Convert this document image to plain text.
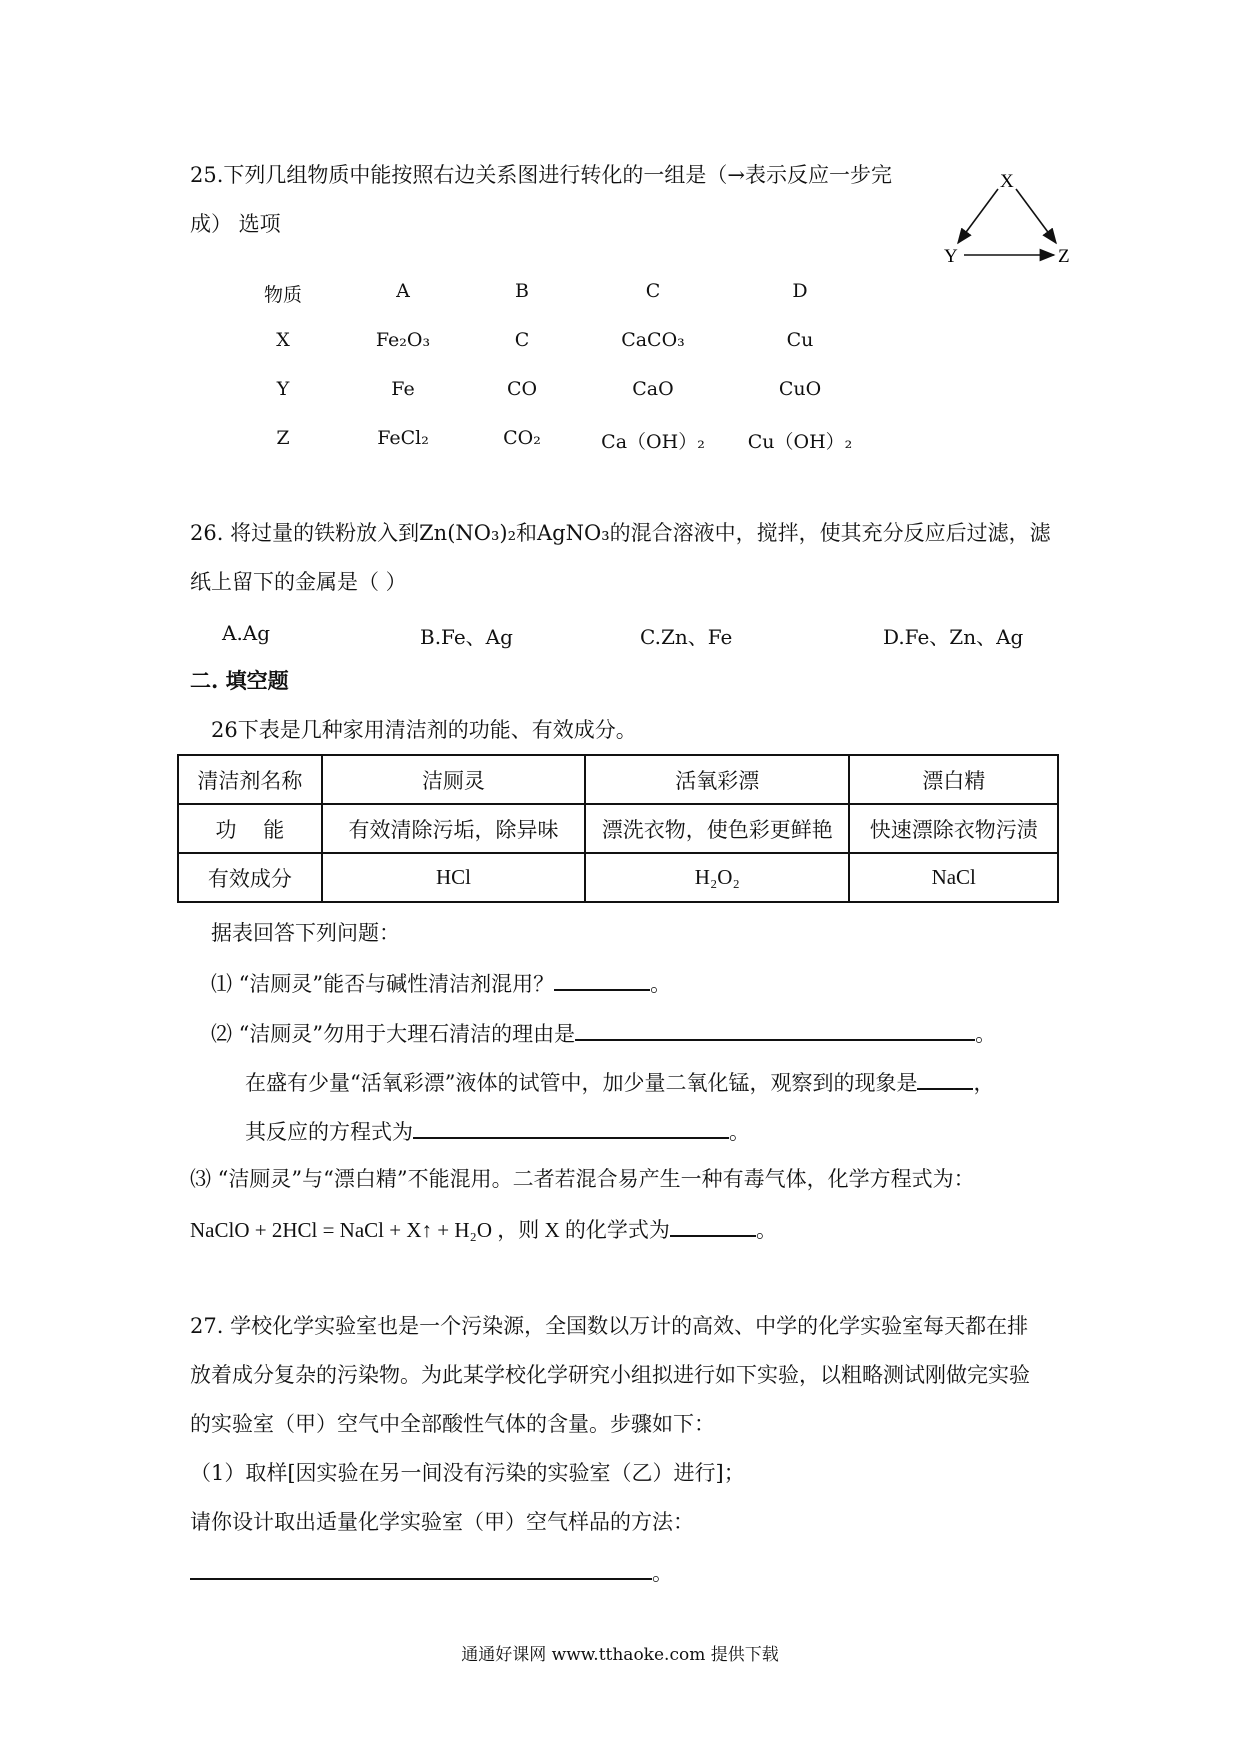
25.下列几组物质中能按照右边关系图进行转化的一组是（→表示反应一步完
成） 选项
X
Y	Z
物质	A	B	C	D
X	Fe₂O₃	C	CaCO₃	Cu
Y	Fe	CO	CaO	CuO
Z	FeCl₂	CO₂	Ca（OH）₂ Cu（OH）₂
26. 将过量的铁粉放入到Zn(NO₃)₂和AgNO₃的混合溶液中，搅拌，使其充分反应后过滤，滤
纸上留下的金属是（ ）
A.Ag	B.Fe、Ag	C.Zn、Fe	D.Fe、Zn、Ag
二. 填空题
26下表是几种家用清洁剂的功能、有效成分。
清洁剂名称	洁厕灵	活氧彩漂	漂白精
功    能	有效清除污垢，除异味	漂洗衣物，使色彩更鲜艳	快速漂除衣物污渍
有效成分	HCl	H₂O₂	NaCl
据表回答下列问题：
⑴ “洁厕灵”能否与碱性清洁剂混用？	。
⑵ “洁厕灵”勿用于大理石清洁的理由是	。
在盛有少量“活氧彩漂”液体的试管中，加少量二氧化锰，观察到的现象是	，
其反应的方程式为	。
⑶ “洁厕灵”与“漂白精”不能混用。二者若混合易产生一种有毒气体，化学方程式为：
NaClO + 2HCl = NaCl + X↑ + H₂O ，则 X 的化学式为	。
27. 学校化学实验室也是一个污染源，全国数以万计的高效、中学的化学实验室每天都在排
放着成分复杂的污染物。为此某学校化学研究小组拟进行如下实验，以粗略测试刚做完实验
的实验室（甲）空气中全部酸性气体的含量。步骤如下：
（1）取样[因实验在另一间没有污染的实验室（乙）进行]；
请你设计取出适量化学实验室（甲）空气样品的方法：
。
通通好课网 www.tthaoke.com 提供下载
